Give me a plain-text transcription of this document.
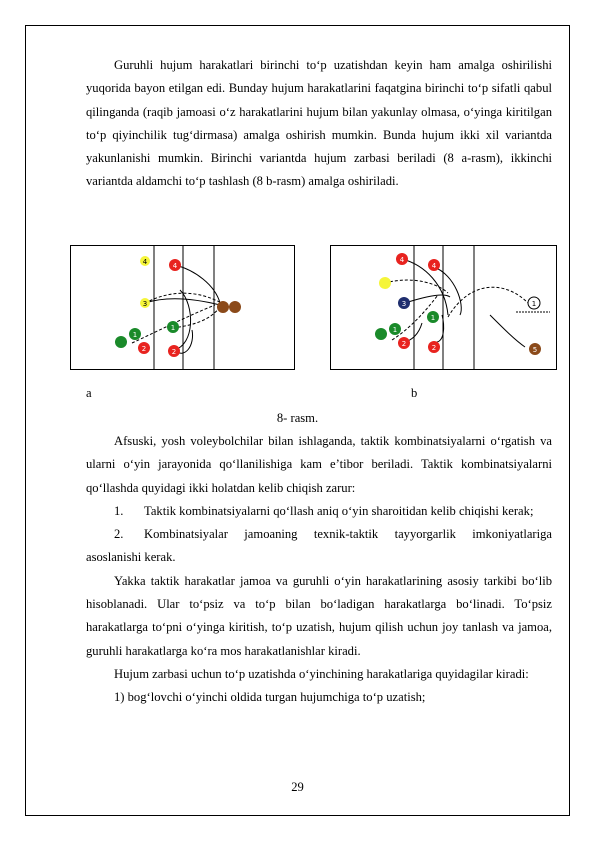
Guruhli hujum harakatlari birinchi to‘p uzatishdan keyin ham amalga oshirilishi yuqorida bayon etilgan edi. Bunday hujum harakatlarini faqatgina birinchi to‘p sifatli qabul qilinganda (raqib jamoasi o‘z harakatlarini hujum bilan yakunlay olmasa, o‘yinga kiritilgan to‘p qiyinchilik tug‘dirmasa) amalga oshirish mumkin. Bunda hujum ikki xil variantda yakunlanishi mumkin. Birinchi variantda hujum zarbasi beriladi (8 a-rasm), ikkinchi variantda aldamchi to‘p tashlash (8 b-rasm) amalga oshiriladi.

4	4
3
1
1
2	2
4
4
3
1
1
2	2
1
5
a	b
8- rasm.

Afsuski, yosh voleybolchilar bilan ishlaganda, taktik kombinatsiyalarni o‘rgatish va ularni o‘yin jarayonida qo‘llanilishiga kam e’tibor beriladi. Taktik kombinatsiyalarni qo‘llashda quyidagi ikki holatdan kelib chiqish zarur:

1. Taktik kombinatsiyalarni qo‘llash aniq o‘yin sharoitidan kelib chiqishi kerak;

2. Kombinatsiyalar jamoaning texnik-taktik tayyorgarlik imkoniyatlariga asoslanishi kerak.

Yakka taktik harakatlar jamoa va guruhli o‘yin harakatlarining asosiy tarkibi bo‘lib hisoblanadi. Ular to‘psiz va to‘p bilan bo‘ladigan harakatlarga bo‘linadi. To‘psiz harakatlarga to‘pni o‘yinga kiritish, to‘p uzatish, hujum qilish uchun joy tanlash va jamoa, guruhli harakatlarga ko‘ra mos harakatlanishlar kiradi.

Hujum zarbasi uchun to‘p uzatishda o‘yinchining harakatlariga quyidagilar kiradi:

1) bog‘lovchi o‘yinchi oldida turgan hujumchiga to‘p uzatish;

29
